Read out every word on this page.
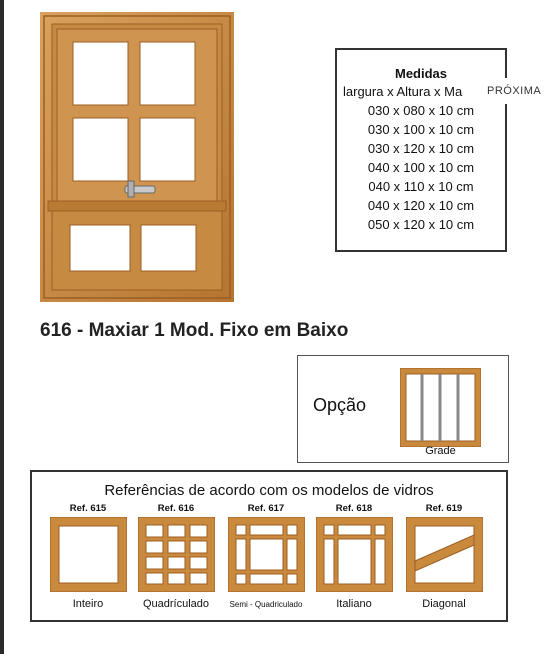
Medidas
largura x Altura x Ma
030 x 080 x 10 cm
030 x 100 x 10 cm
030 x 120 x 10 cm
040 x 100 x 10 cm
040 x 110 x 10 cm
040 x 120 x 10 cm
050 x 120 x 10 cm
PRÓXIMA
616 - Maxiar 1 Mod. Fixo em Baixo
Opção
Grade
Referências de acordo com os modelos de vidros
Ref. 615
Inteiro
Ref. 616
Quadrículado
Ref. 617
Semi - Quadriculado
Ref. 618
Italiano
Ref. 619
Diagonal
